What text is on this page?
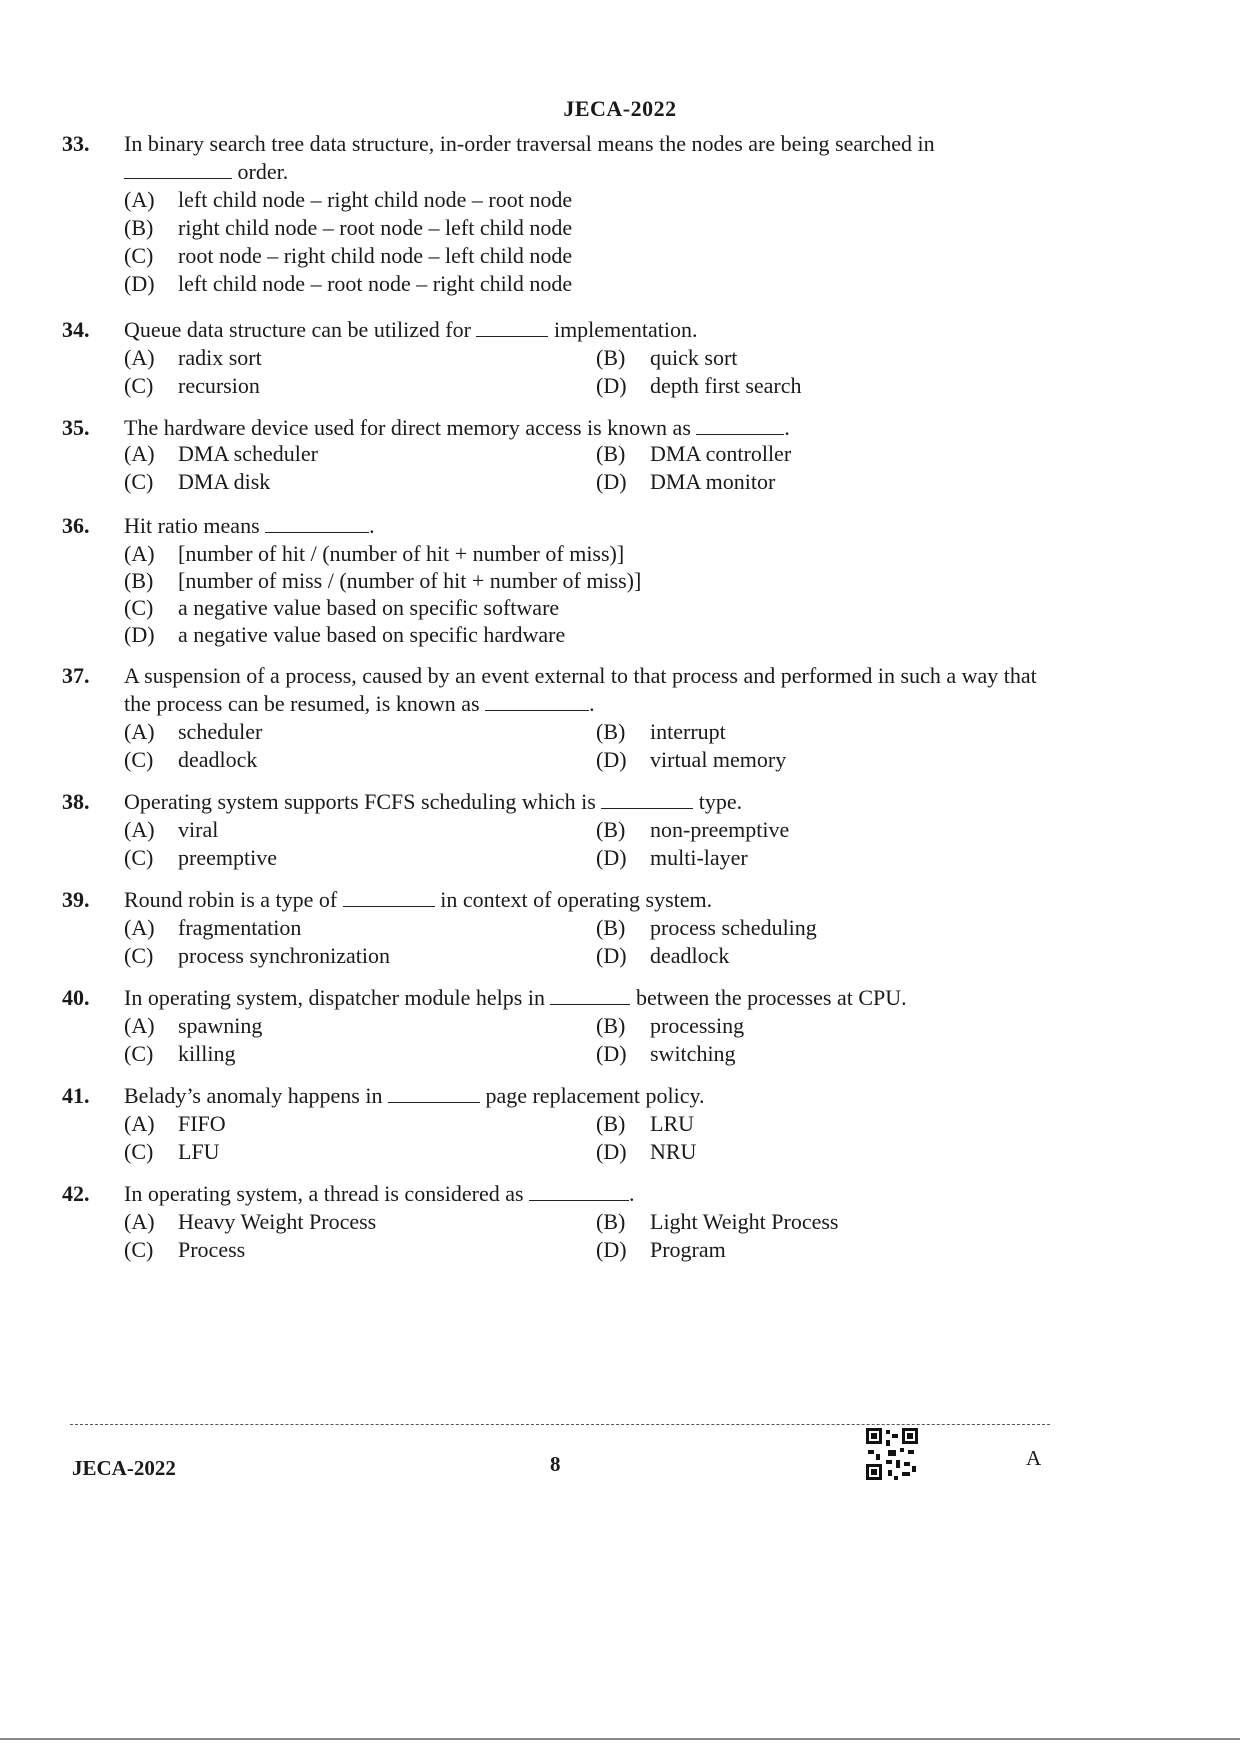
JECA-2022
33.	In binary search tree data structure, in-order traversal means the nodes are being searched in
order.
(A) left child node – right child node – root node
(B) right child node – root node – left child node
(C) root node – right child node – left child node
(D) left child node – root node – right child node
34.	Queue data structure can be utilized for	implementation.
(A) radix sort	(B) quick sort
(C) recursion	(D) depth first search
35.	The hardware device used for direct memory access is known as	.
(A) DMA scheduler	(B) DMA controller
(C) DMA disk	(D) DMA monitor
36.	Hit ratio means	.
(A) [number of hit / (number of hit + number of miss)]
(B) [number of miss / (number of hit + number of miss)]
(C) a negative value based on specific software
(D) a negative value based on specific hardware
37.	A suspension of a process, caused by an event external to that process and performed in such a way that the process can be resumed, is known as	.
(A) scheduler	(B) interrupt
(C) deadlock	(D) virtual memory
38.	Operating system supports FCFS scheduling which is	type.
(A) viral	(B) non-preemptive
(C) preemptive	(D) multi-layer
39.	Round robin is a type of	in context of operating system.
(A) fragmentation	(B) process scheduling
(C) process synchronization	(D) deadlock
40.	In operating system, dispatcher module helps in	between the processes at CPU.
(A) spawning	(B) processing
(C) killing	(D) switching
41.	Belady’s anomaly happens in	page replacement policy.
(A) FIFO	(B) LRU
(C) LFU	(D) NRU
42.	In operating system, a thread is considered as	.
(A) Heavy Weight Process	(B) Light Weight Process
(C) Process	(D) Program
JECA-2022	8	A
